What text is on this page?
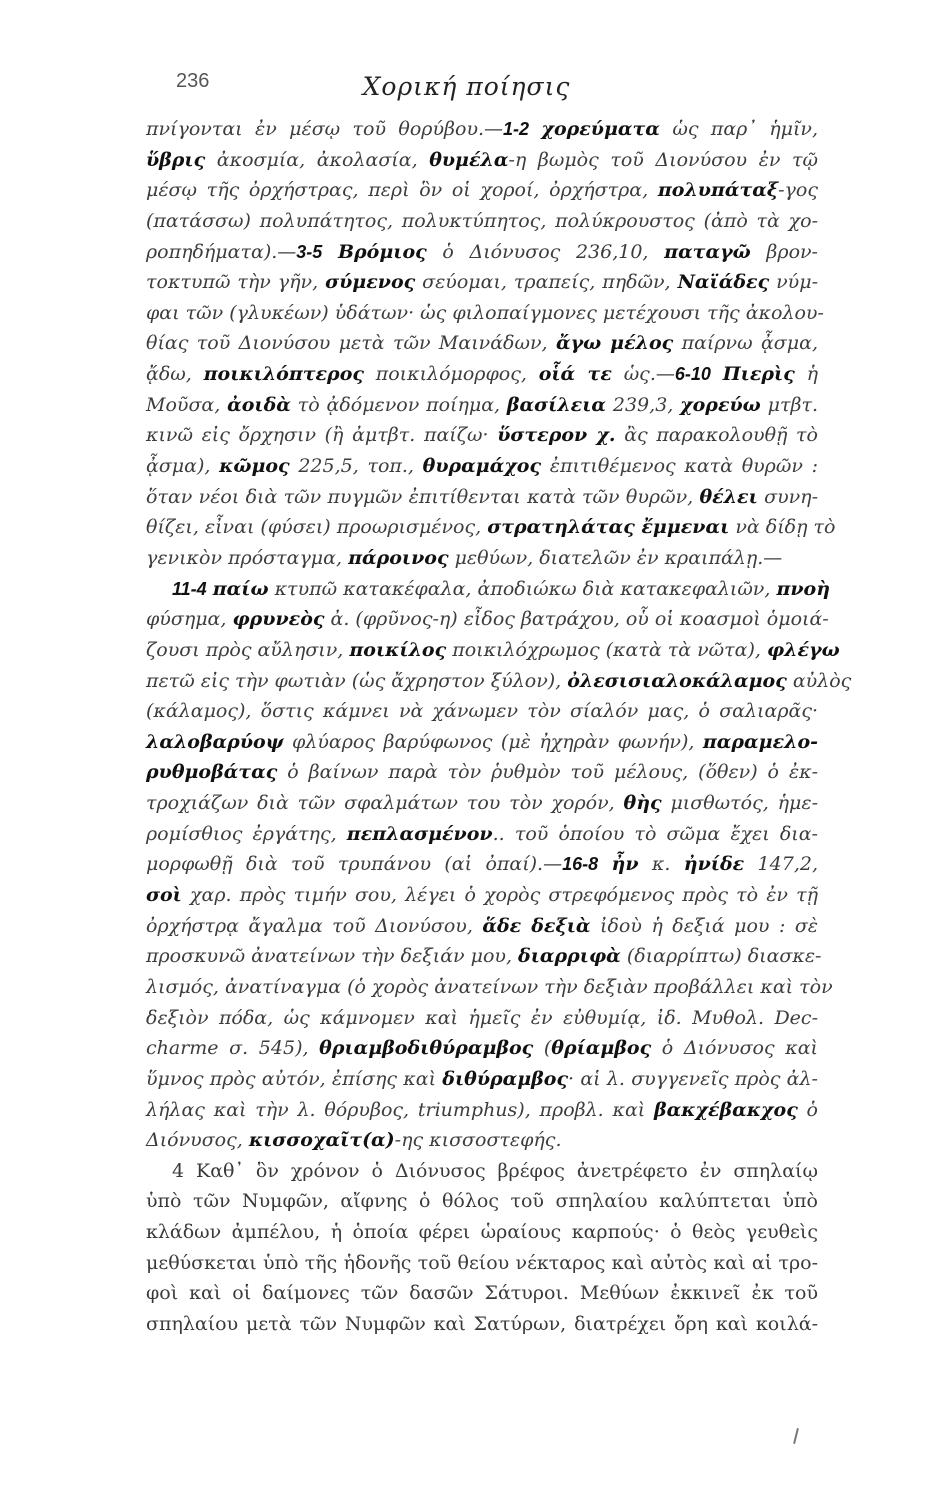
236	Χορική ποίησις
πνίγονται ἐν μέσῳ τοῦ θορύβου.—1-2 χορεύματα ὡς παρ᾽ ἡμῖν,
ὕβρις ἀκοσμία, ἀκολασία, θυμέλα-η βωμὸς τοῦ Διονύσου ἐν τῷ
μέσῳ τῆς ὀρχήστρας, περὶ ὃν οἱ χοροί, ὀρχήστρα, πολυπάταξ-γος
(πατάσσω) πολυπάτητος, πολυκτύπητος, πολύκρουστος (ἀπὸ τὰ χο-
ροπηδήματα).—3-5 Βρόμιος ὁ Διόνυσος 236,10, παταγῶ βρον-
τοκτυπῶ τὴν γῆν, σύμενος σεύομαι, τραπείς, πηδῶν, Ναϊάδες νύμ-
φαι τῶν (γλυκέων) ὑδάτων· ὡς φιλοπαίγμονες μετέχουσι τῆς ἀκολου-
θίας τοῦ Διονύσου μετὰ τῶν Μαινάδων, ἄγω μέλος παίρνω ᾆσμα,
ᾄδω, ποικιλόπτερος ποικιλόμορφος, οἷά τε ὡς.—6-10 Πιερὶς ἡ
Μοῦσα, ἀοιδὰ τὸ ᾀδόμενον ποίημα, βασίλεια 239,3, χορεύω μτβτ.
κινῶ εἰς ὄρχησιν (ἢ ἀμτβτ. παίζω· ὕστερον χ. ἂς παρακολουθῇ τὸ
ᾆσμα), κῶμος 225,5, τοπ., θυραμάχος ἐπιτιθέμενος κατὰ θυρῶν :
ὅταν νέοι διὰ τῶν πυγμῶν ἐπιτίθενται κατὰ τῶν θυρῶν, θέλει συνη-
θίζει, εἶναι (φύσει) προωρισμένος, στρατηλάτας ἔμμεναι νὰ δίδῃ τὸ
γενικὸν πρόσταγμα, πάροινος μεθύων, διατελῶν ἐν κραιπάλῃ.—
11-4 παίω κτυπῶ κατακέφαλα, ἀποδιώκω διὰ κατακεφαλιῶν, πνοὴ
φύσημα, φρυνεὸς ἀ. (φρῦνος-η) εἶδος βατράχου, οὗ οἱ κοασμοὶ ὁμοιά-
ζουσι πρὸς αὔλησιν, ποικίλος ποικιλόχρωμος (κατὰ τὰ νῶτα), φλέγω
πετῶ εἰς τὴν φωτιὰν (ὡς ἄχρηστον ξύλον), ὀλεσισιαλοκάλαμος αὐλὸς
(κάλαμος), ὅστις κάμνει νὰ χάνωμεν τὸν σίαλόν μας, ὁ σαλιαρᾶς·
λαλοβαρύοψ φλύαρος βαρύφωνος (μὲ ἠχηρὰν φωνήν), παραμελο-
ρυθμοβάτας ὁ βαίνων παρὰ τὸν ῥυθμὸν τοῦ μέλους, (ὅθεν) ὁ ἐκ-
τροχιάζων διὰ τῶν σφαλμάτων του τὸν χορόν, θὴς μισθωτός, ἡμε-
ρομίσθιος ἐργάτης, πεπλασμένον.. τοῦ ὁποίου τὸ σῶμα ἔχει δια-
μορφωθῇ διὰ τοῦ τρυπάνου (αἱ ὀπαί).—16-8 ἦν κ. ἠνίδε 147,2,
σοὶ χαρ. πρὸς τιμήν σου, λέγει ὁ χορὸς στρεφόμενος πρὸς τὸ ἐν τῇ
ὀρχήστρᾳ ἄγαλμα τοῦ Διονύσου, ἅδε δεξιὰ ἰδοὺ ἡ δεξιά μου : σὲ
προσκυνῶ ἀνατείνων τὴν δεξιάν μου, διαρριφὰ (διαρρίπτω) διασκε-
λισμός, ἀνατίναγμα (ὁ χορὸς ἀνατείνων τὴν δεξιὰν προβάλλει καὶ τὸν
δεξιὸν πόδα, ὡς κάμνομεν καὶ ἡμεῖς ἐν εὐθυμίᾳ, ἰδ. Μυθολ. Dec-
charme σ. 545), θριαμβοδιθύραμβος (θρίαμβος ὁ Διόνυσος καὶ
ὕμνος πρὸς αὐτόν, ἐπίσης καὶ διθύραμβος· αἱ λ. συγγενεῖς πρὸς ἀλ-
λήλας καὶ τὴν λ. θόρυβος, triumphus), προβλ. καὶ βακχέβακχος ὁ
Διόνυσος, κισσοχαῖτ(α)-ης κισσοστεφής.
4 Καθ᾽ ὃν χρόνον ὁ Διόνυσος βρέφος ἀνετρέφετο ἐν σπηλαίῳ
ὑπὸ τῶν Νυμφῶν, αἴφνης ὁ θόλος τοῦ σπηλαίου καλύπτεται ὑπὸ
κλάδων ἀμπέλου, ἡ ὁποία φέρει ὡραίους καρπούς· ὁ θεὸς γευθεὶς
μεθύσκεται ὑπὸ τῆς ἡδονῆς τοῦ θείου νέκταρος καὶ αὐτὸς καὶ αἱ τρο-
φοὶ καὶ οἱ δαίμονες τῶν δασῶν Σάτυροι. Μεθύων ἐκκινεῖ ἐκ τοῦ
σπηλαίου μετὰ τῶν Νυμφῶν καὶ Σατύρων, διατρέχει ὄρη καὶ κοιλά-
